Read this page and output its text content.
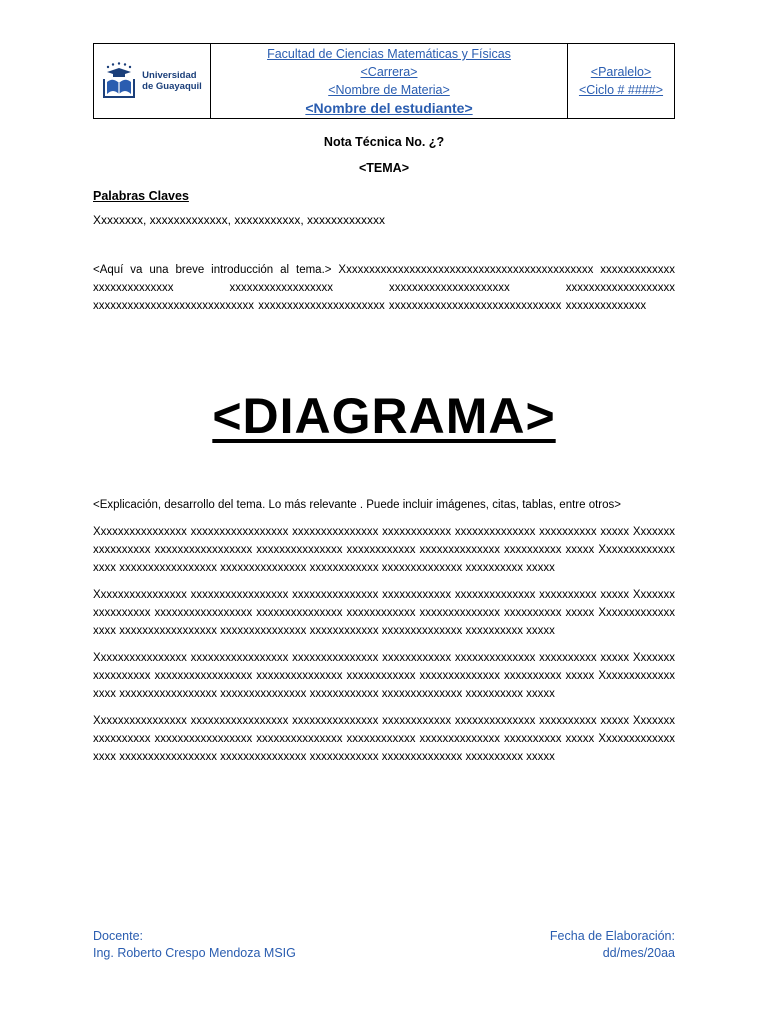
Universidad
de Guayaquil
Facultad de Ciencias Matemáticas y Físicas
<Carrera>
<Nombre de Materia>
<Nombre del estudiante>
<Paralelo>
<Ciclo # ####>
Nota Técnica No. ¿?
<TEMA>
Palabras Claves
Xxxxxxxx, xxxxxxxxxxxxx, xxxxxxxxxxx, xxxxxxxxxxxxx
<Aquí va una breve introducción al tema.> Xxxxxxxxxxxxxxxxxxxxxxxxxxxxxxxxxxxxxxxxxxxx xxxxxxxxxxxxx xxxxxxxxxxxxxx xxxxxxxxxxxxxxxxxx xxxxxxxxxxxxxxxxxxxxx xxxxxxxxxxxxxxxxxxx xxxxxxxxxxxxxxxxxxxxxxxxxxxx xxxxxxxxxxxxxxxxxxxxxx xxxxxxxxxxxxxxxxxxxxxxxxxxxxxx xxxxxxxxxxxxxx
<DIAGRAMA>
<Explicación, desarrollo del tema. Lo más relevante . Puede incluir imágenes, citas, tablas, entre otros>
Xxxxxxxxxxxxxxxx xxxxxxxxxxxxxxxxx xxxxxxxxxxxxxxx xxxxxxxxxxxx xxxxxxxxxxxxxx xxxxxxxxxx xxxxx Xxxxxxxxxxxxxxxxx xxxxxxxxxxxxxxxxx xxxxxxxxxxxxxxx xxxxxxxxxxxx xxxxxxxxxxxxxx xxxxxxxxxx xxxxx Xxxxxxxxxxxxxxxxx xxxxxxxxxxxxxxxxx xxxxxxxxxxxxxxx xxxxxxxxxxxx xxxxxxxxxxxxxx xxxxxxxxxx xxxxx
Xxxxxxxxxxxxxxxx xxxxxxxxxxxxxxxxx xxxxxxxxxxxxxxx xxxxxxxxxxxx xxxxxxxxxxxxxx xxxxxxxxxx xxxxx Xxxxxxxxxxxxxxxxx xxxxxxxxxxxxxxxxx xxxxxxxxxxxxxxx xxxxxxxxxxxx xxxxxxxxxxxxxx xxxxxxxxxx xxxxx Xxxxxxxxxxxxxxxxx xxxxxxxxxxxxxxxxx xxxxxxxxxxxxxxx xxxxxxxxxxxx xxxxxxxxxxxxxx xxxxxxxxxx xxxxx
Xxxxxxxxxxxxxxxx xxxxxxxxxxxxxxxxx xxxxxxxxxxxxxxx xxxxxxxxxxxx xxxxxxxxxxxxxx xxxxxxxxxx xxxxx Xxxxxxxxxxxxxxxxx xxxxxxxxxxxxxxxxx xxxxxxxxxxxxxxx xxxxxxxxxxxx xxxxxxxxxxxxxx xxxxxxxxxx xxxxx Xxxxxxxxxxxxxxxxx xxxxxxxxxxxxxxxxx xxxxxxxxxxxxxxx xxxxxxxxxxxx xxxxxxxxxxxxxx xxxxxxxxxx xxxxx
Xxxxxxxxxxxxxxxx xxxxxxxxxxxxxxxxx xxxxxxxxxxxxxxx xxxxxxxxxxxx xxxxxxxxxxxxxx xxxxxxxxxx xxxxx Xxxxxxxxxxxxxxxxx xxxxxxxxxxxxxxxxx xxxxxxxxxxxxxxx xxxxxxxxxxxx xxxxxxxxxxxxxx xxxxxxxxxx xxxxx Xxxxxxxxxxxxxxxxx xxxxxxxxxxxxxxxxx xxxxxxxxxxxxxxx xxxxxxxxxxxx xxxxxxxxxxxxxx xxxxxxxxxx xxxxx
Docente:
Ing. Roberto Crespo Mendoza MSIG
Fecha de Elaboración:
dd/mes/20aa
